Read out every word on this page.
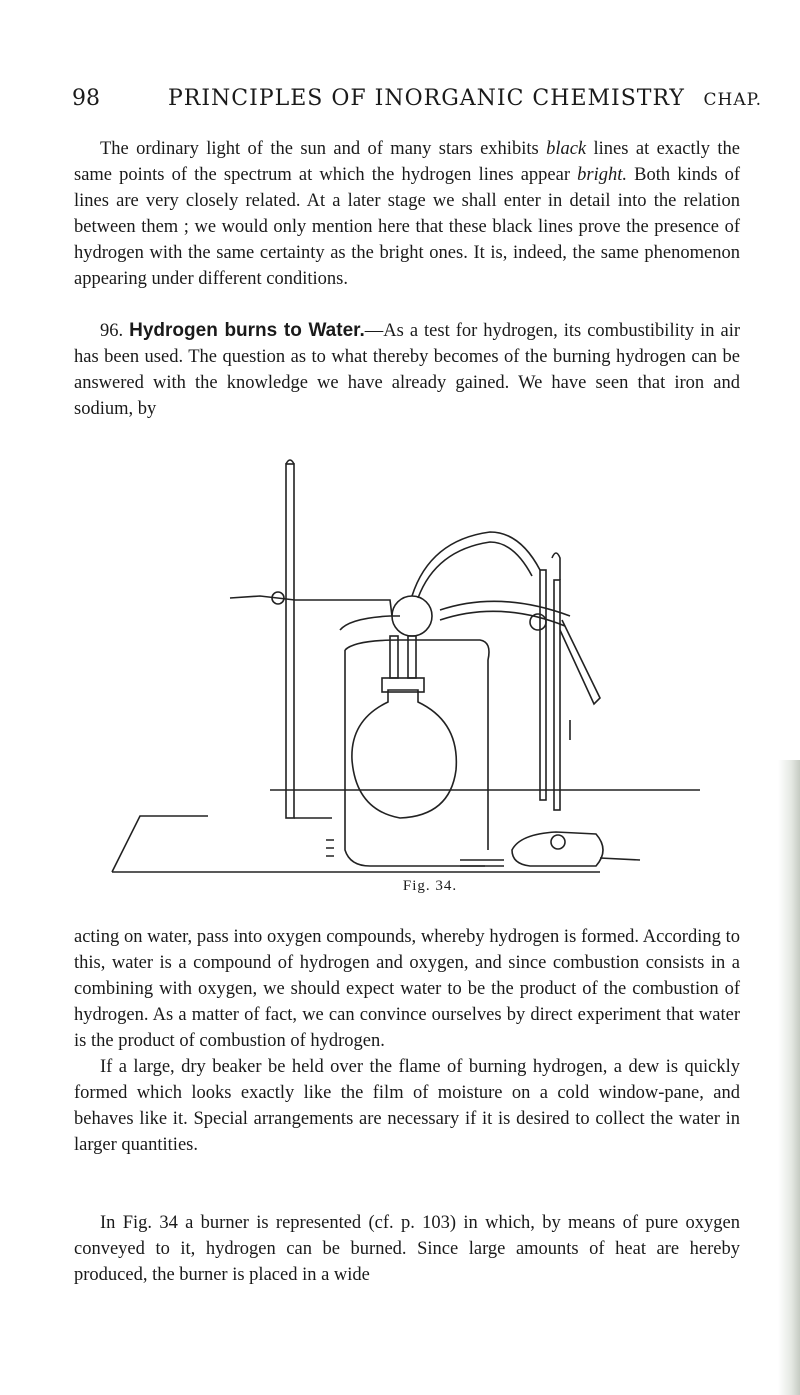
98	PRINCIPLES OF INORGANIC CHEMISTRY CHAP.
The ordinary light of the sun and of many stars exhibits black lines at exactly the same points of the spectrum at which the hydrogen lines appear bright. Both kinds of lines are very closely related. At a later stage we shall enter in detail into the relation between them ; we would only mention here that these black lines prove the presence of hydrogen with the same certainty as the bright ones. It is, indeed, the same phenomenon appearing under different conditions.
96. Hydrogen burns to Water.—As a test for hydrogen, its combustibility in air has been used. The question as to what thereby becomes of the burning hydrogen can be answered with the knowledge we have already gained. We have seen that iron and sodium, by
Fig. 34.
acting on water, pass into oxygen compounds, whereby hydrogen is formed. According to this, water is a compound of hydrogen and oxygen, and since combustion consists in a combining with oxygen, we should expect water to be the product of the combustion of hydrogen. As a matter of fact, we can convince ourselves by direct experiment that water is the product of combustion of hydrogen.
If a large, dry beaker be held over the flame of burning hydrogen, a dew is quickly formed which looks exactly like the film of moisture on a cold window-pane, and behaves like it. Special arrangements are necessary if it is desired to collect the water in larger quantities.
In Fig. 34 a burner is represented (cf. p. 103) in which, by means of pure oxygen conveyed to it, hydrogen can be burned. Since large amounts of heat are hereby produced, the burner is placed in a wide
